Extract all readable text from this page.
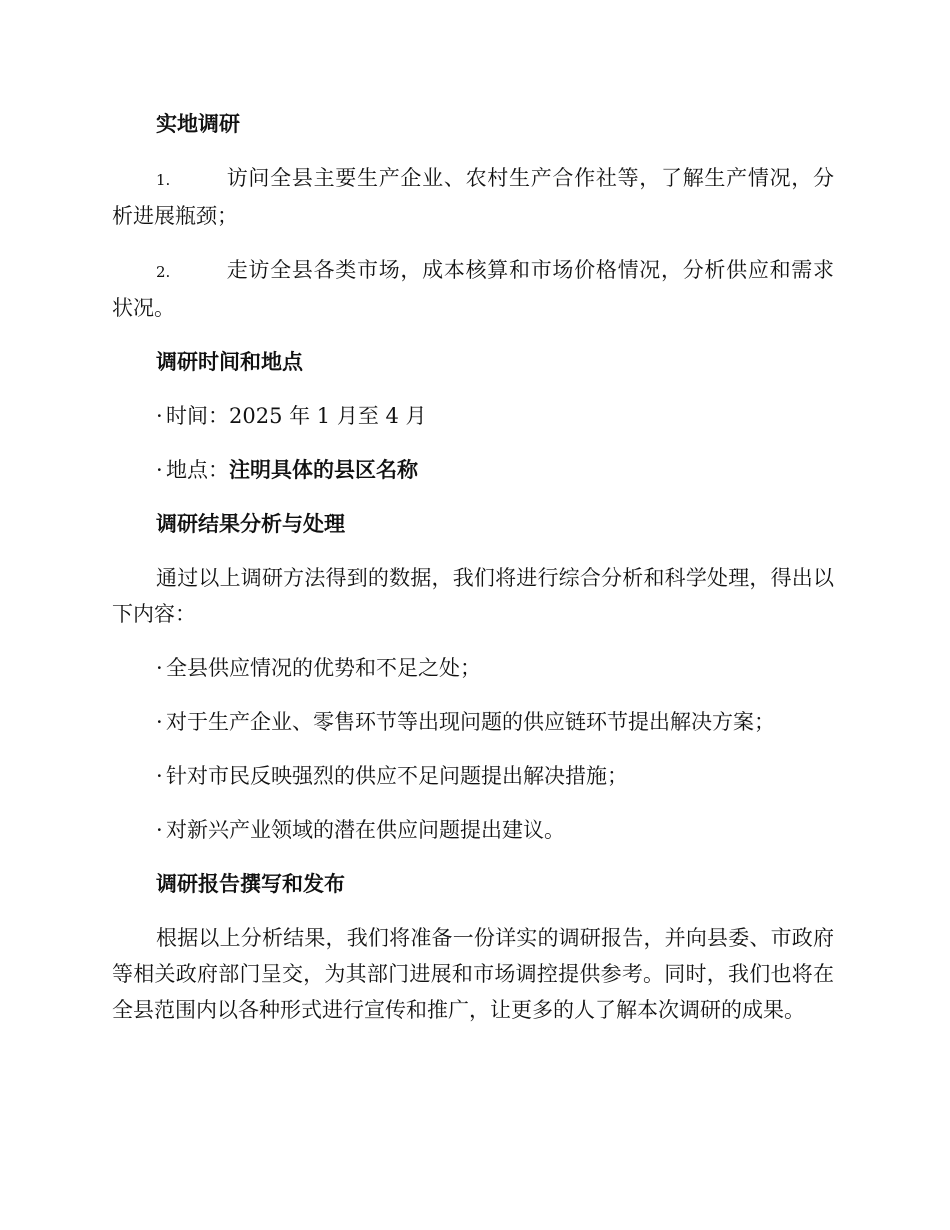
实地调研
1.	访问全县主要生产企业、农村生产合作社等，了解生产情况，分析进展瓶颈；
2.	走访全县各类市场，成本核算和市场价格情况，分析供应和需求状况。
调研时间和地点
· 时间：2025 年 1 月至 4 月
· 地点：注明具体的县区名称
调研结果分析与处理
通过以上调研方法得到的数据，我们将进行综合分析和科学处理，得出以下内容：
· 全县供应情况的优势和不足之处；
· 对于生产企业、零售环节等出现问题的供应链环节提出解决方案；
· 针对市民反映强烈的供应不足问题提出解决措施；
· 对新兴产业领域的潜在供应问题提出建议。
调研报告撰写和发布
根据以上分析结果，我们将准备一份详实的调研报告，并向县委、市政府等相关政府部门呈交，为其部门进展和市场调控提供参考。同时，我们也将在全县范围内以各种形式进行宣传和推广，让更多的人了解本次调研的成果。
